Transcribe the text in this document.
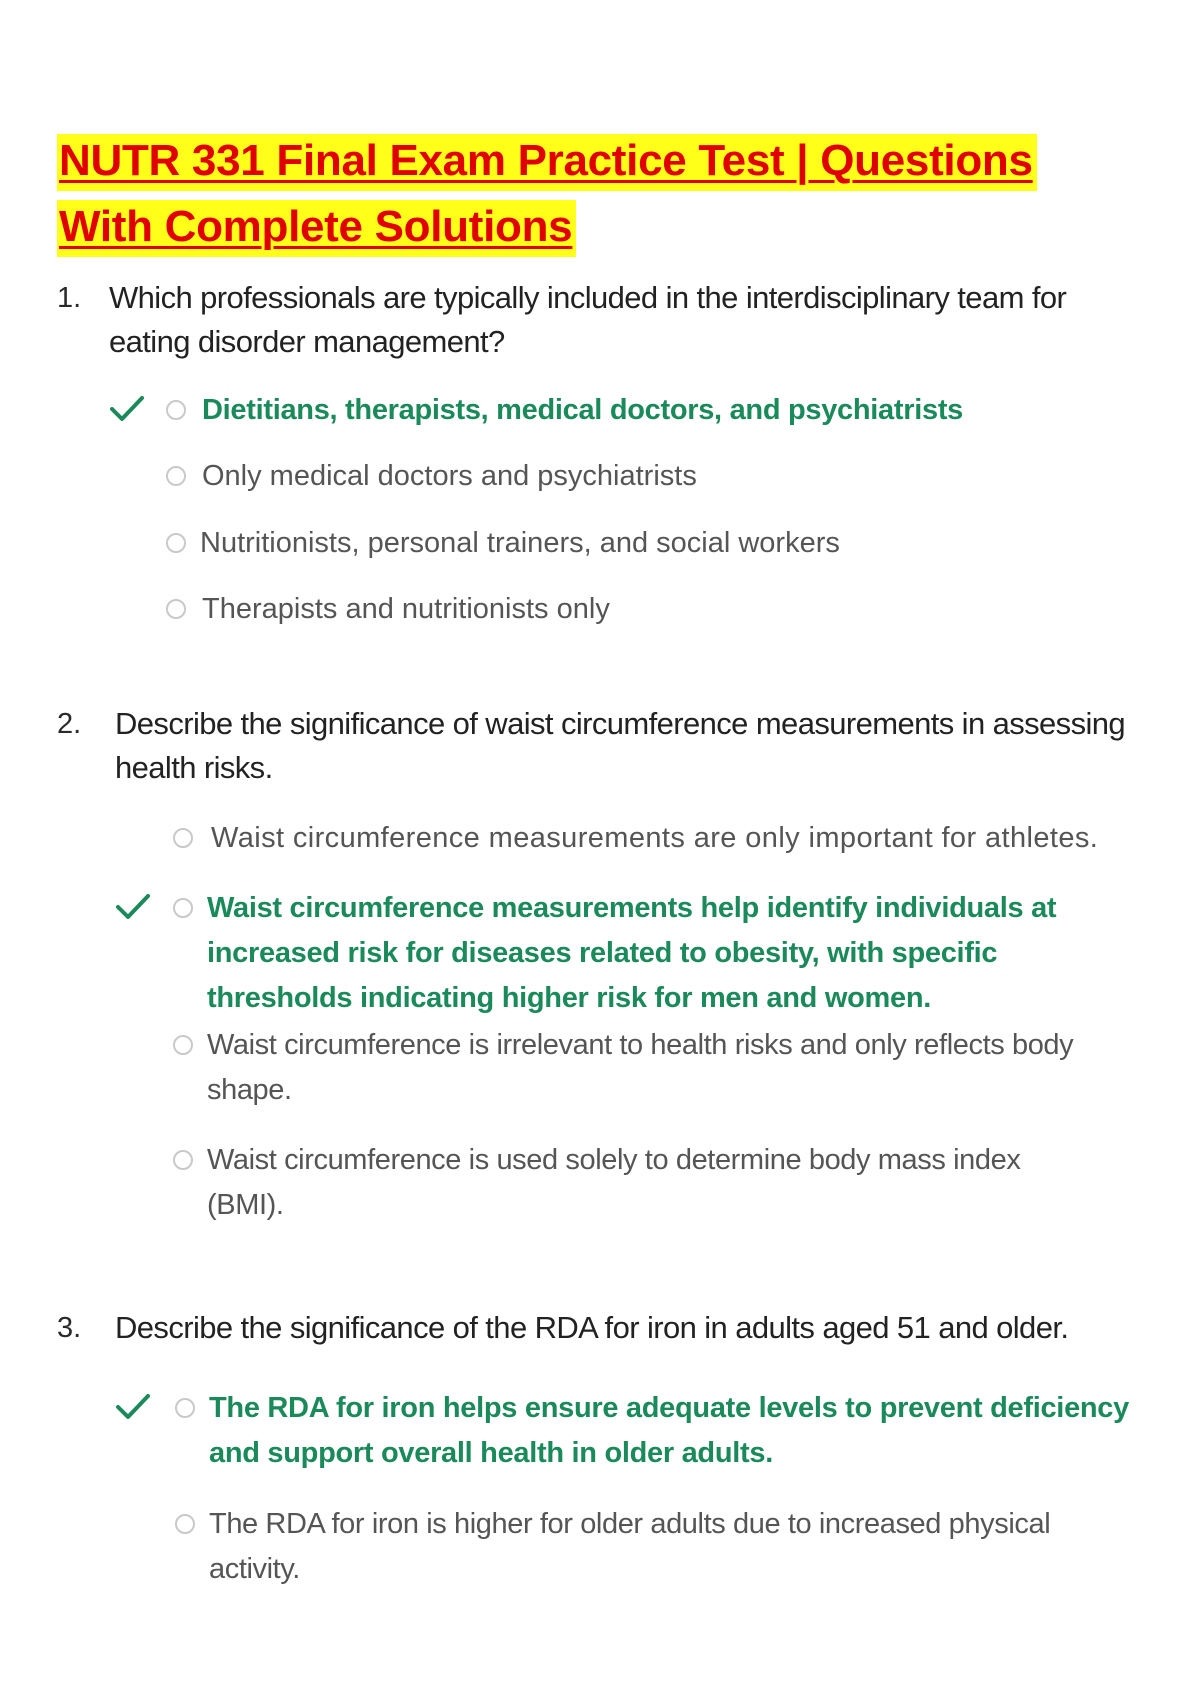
NUTR 331 Final Exam Practice Test | Questions With Complete Solutions
1. Which professionals are typically included in the interdisciplinary team for eating disorder management?
Dietitians, therapists, medical doctors, and psychiatrists
Only medical doctors and psychiatrists
Nutritionists, personal trainers, and social workers
Therapists and nutritionists only
2. Describe the significance of waist circumference measurements in assessing health risks.
Waist circumference measurements are only important for athletes.
Waist circumference measurements help identify individuals at increased risk for diseases related to obesity, with specific thresholds indicating higher risk for men and women.
Waist circumference is irrelevant to health risks and only reflects body shape.
Waist circumference is used solely to determine body mass index (BMI).
3. Describe the significance of the RDA for iron in adults aged 51 and older.
The RDA for iron helps ensure adequate levels to prevent deficiency and support overall health in older adults.
The RDA for iron is higher for older adults due to increased physical activity.
